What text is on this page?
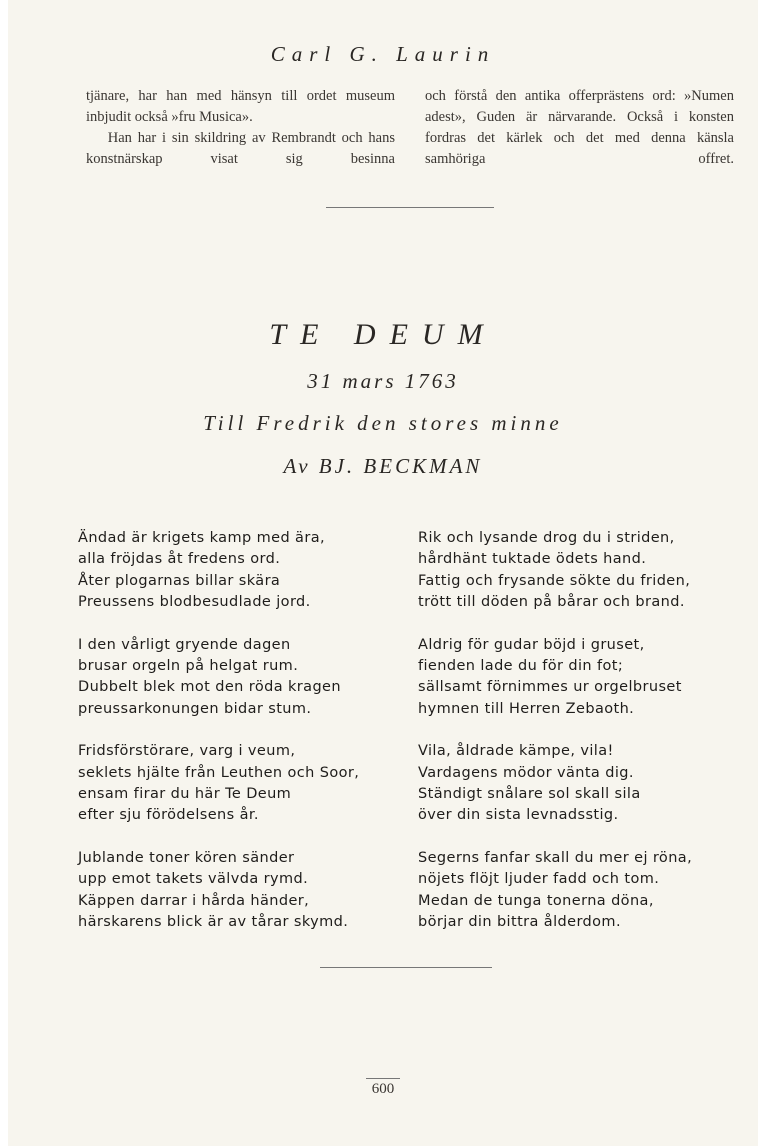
Carl G. Laurin

tjänare, har han med hänsyn till ordet museum inbjudit också »fru Musica».

Han har i sin skildring av Rembrandt och hans konstnärskap visat sig besinna

och förstå den antika offerprästens ord: »Numen adest», Guden är närvarande. Också i konsten fordras det kärlek och det med denna känsla samhöriga offret.

TE DEUM
31 mars 1763
Till Fredrik den stores minne
Av BJ. BECKMAN
Ändad är krigets kamp med ära,
alla fröjdas åt fredens ord.
Åter plogarnas billar skära
Preussens blodbesudlade jord.
I den vårligt gryende dagen
brusar orgeln på helgat rum.
Dubbelt blek mot den röda kragen
preussarkonungen bidar stum.
Fridsförstörare, varg i veum,
seklets hjälte från Leuthen och Soor,
ensam firar du här Te Deum
efter sju förödelsens år.
Jublande toner kören sänder
upp emot takets välvda rymd.
Käppen darrar i hårda händer,
härskarens blick är av tårar skymd.
Rik och lysande drog du i striden,
hårdhänt tuktade ödets hand.
Fattig och frysande sökte du friden,
trött till döden på bårar och brand.
Aldrig för gudar böjd i gruset,
fienden lade du för din fot;
sällsamt förnimmes ur orgelbruset
hymnen till Herren Zebaoth.
Vila, åldrade kämpe, vila!
Vardagens mödor vänta dig.
Ständigt snålare sol skall sila
över din sista levnadsstig.
Segerns fanfar skall du mer ej röna,
nöjets flöjt ljuder fadd och tom.
Medan de tunga tonerna döna,
börjar din bittra ålderdom.
600
